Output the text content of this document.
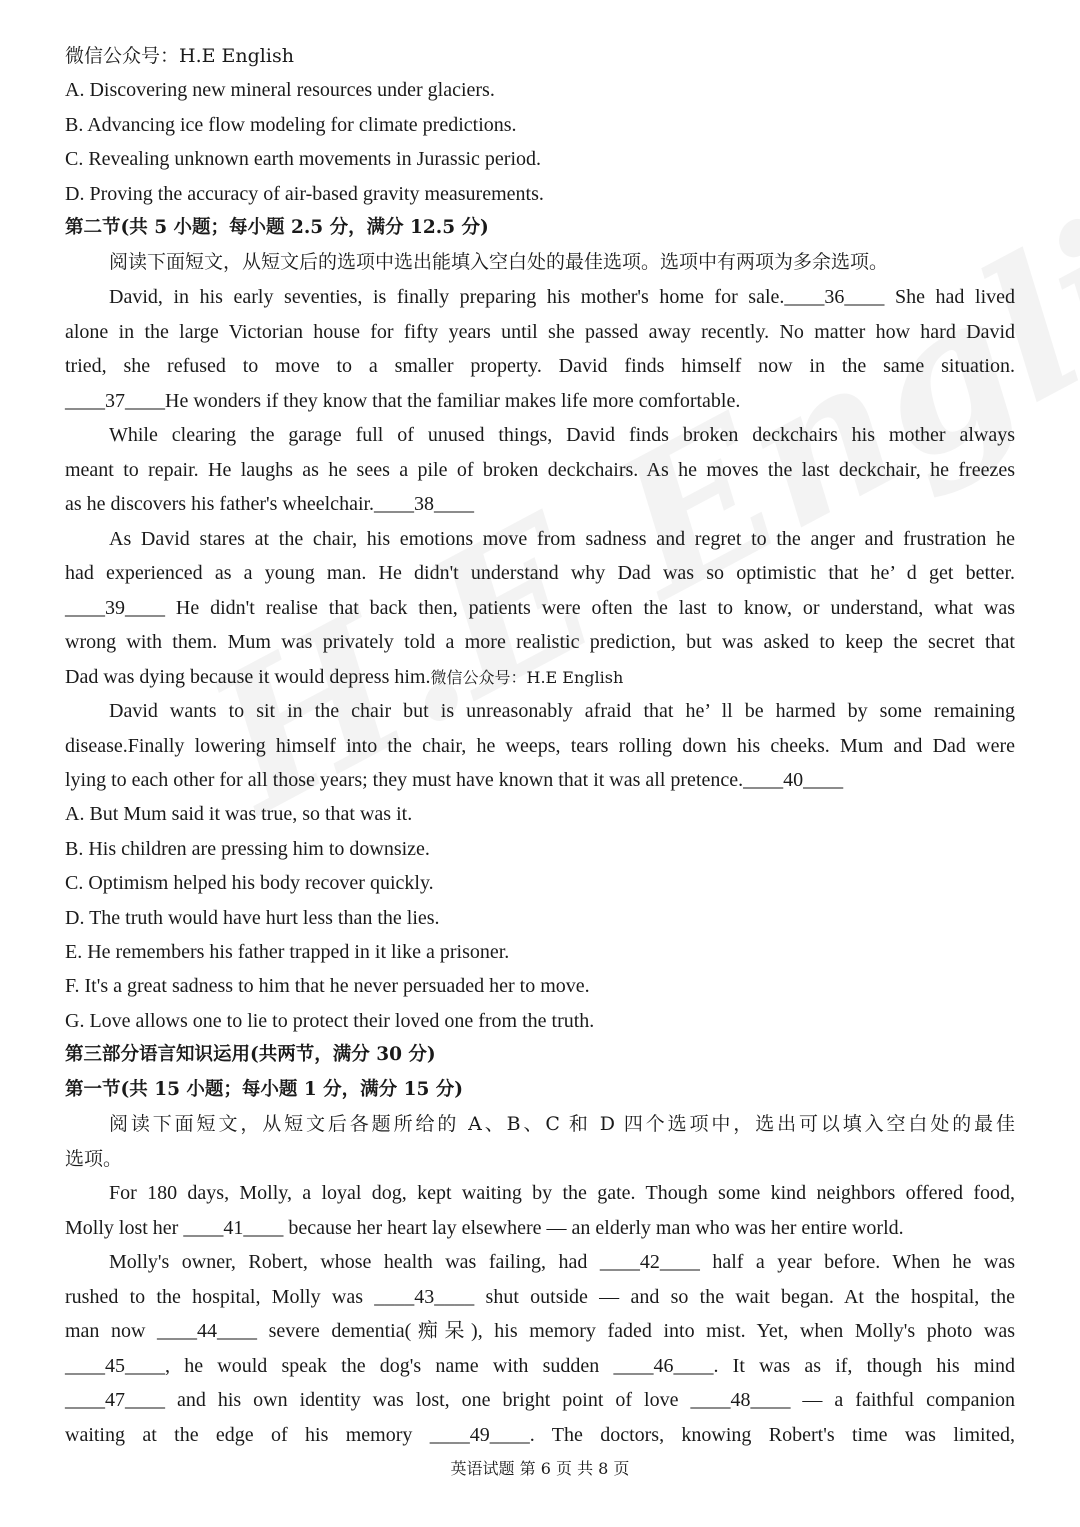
微信公众号：H.E English
A. Discovering new mineral resources under glaciers.
B. Advancing ice flow modeling for climate predictions.
C. Revealing unknown earth movements in Jurassic period.
D. Proving the accuracy of air-based gravity measurements.
第二节(共 5 小题；每小题 2.5 分，满分 12.5 分)
阅读下面短文，从短文后的选项中选出能填入空白处的最佳选项。选项中有两项为多余选项。
David, in his early seventies, is finally preparing his mother's home for sale.____36____ She had lived
alone in the large Victorian house for fifty years until she passed away recently. No matter how hard David
tried, she refused to move to a smaller property. David finds himself now in the same situation.
____37____He wonders if they know that the familiar makes life more comfortable.
While clearing the garage full of unused things, David finds broken deckchairs his mother always
meant to repair. He laughs as he sees a pile of broken deckchairs. As he moves the last deckchair, he freezes
as he discovers his father's wheelchair.____38____
As David stares at the chair, his emotions move from sadness and regret to the anger and frustration he
had experienced as a young man. He didn't understand why Dad was so optimistic that he’ d get better.
____39____ He didn't realise that back then, patients were often the last to know, or understand, what was
wrong with them. Mum was privately told a more realistic prediction, but was asked to keep the secret that
Dad was dying because it would depress him.微信公众号：H.E English
David wants to sit in the chair but is unreasonably afraid that he’ ll be harmed by some remaining
disease.Finally lowering himself into the chair, he weeps, tears rolling down his cheeks. Mum and Dad were
lying to each other for all those years; they must have known that it was all pretence.____40____
A. But Mum said it was true, so that was it.
B. His children are pressing him to downsize.
C. Optimism helped his body recover quickly.
D. The truth would have hurt less than the lies.
E. He remembers his father trapped in it like a prisoner.
F. It's a great sadness to him that he never persuaded her to move.
G. Love allows one to lie to protect their loved one from the truth.
第三部分语言知识运用(共两节，满分 30 分)
第一节(共 15 小题；每小题 1 分，满分 15 分)
阅读下面短文，从短文后各题所给的 A、B、C 和 D 四个选项中，选出可以填入空白处的最佳
选项。
For 180 days, Molly, a loyal dog, kept waiting by the gate. Though some kind neighbors offered food,
Molly lost her ____41____ because her heart lay elsewhere — an elderly man who was her entire world.
Molly's owner, Robert, whose health was failing, had ____42____ half a year before. When he was
rushed to the hospital, Molly was ____43____ shut outside — and so the wait began. At the hospital, the
man now ____44____ severe dementia(痴呆), his memory faded into mist. Yet, when Molly's photo was
____45____, he would speak the dog's name with sudden ____46____. It was as if, though his mind
____47____ and his own identity was lost, one bright point of love ____48____ — a faithful companion
waiting at the edge of his memory ____49____. The doctors, knowing Robert's time was limited,
英语试题 第 6 页 共 8 页
